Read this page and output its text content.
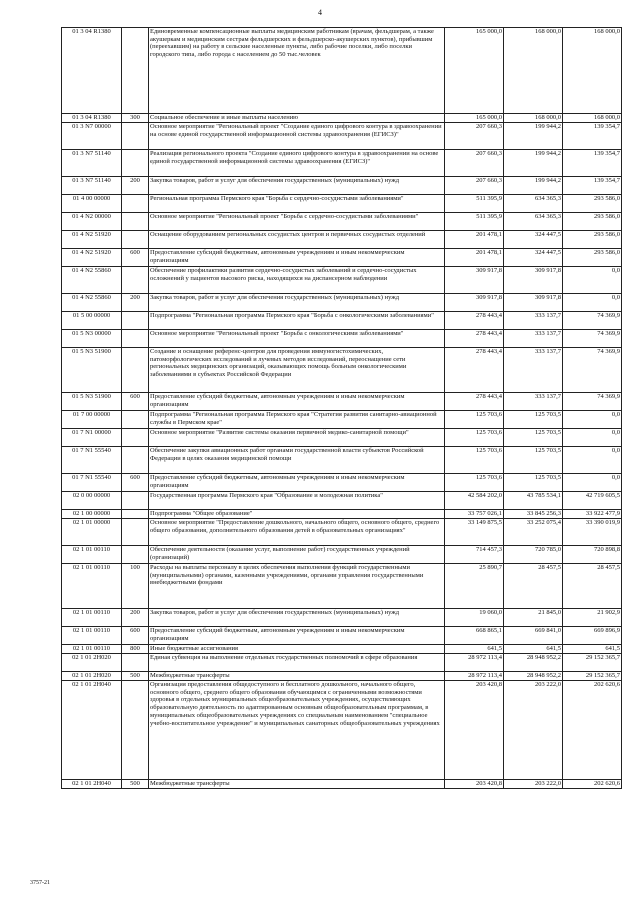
4
01 3 04 R1380		Единовременные компенсационные выплаты медицинским работникам (врачам, фельдшерам, а также акушеркам и медицинским сестрам фельдшерских и фельдшерско-акушерских пунктов), прибывшим (переехавшим) на работу в сельские населенные пункты, либо рабочие поселки, либо поселки городского типа, либо города с населением до 50 тыс.человек	165 000,0	168 000,0	168 000,0
01 3 04 R1380	300	Социальное обеспечение и иные выплаты населению	165 000,0	168 000,0	168 000,0
01 3 N7 00000		Основное мероприятие "Региональный проект "Создание единого цифрового контура в здравоохранении на основе единой государственной информационной системы здравоохранения (ЕГИСЗ)"	207 660,3	199 944,2	139 354,7
01 3 N7 51140		Реализация регионального проекта "Создание единого цифрового контура в здравоохранении на основе единой государственной информационной системы здравоохранения (ЕГИСЗ)"	207 660,3	199 944,2	139 354,7
01 3 N7 51140	200	Закупка товаров, работ и услуг для обеспечения государственных (муниципальных) нужд	207 660,3	199 944,2	139 354,7
01 4 00 00000		Региональная программа Пермского края "Борьба с сердечно-сосудистыми заболеваниями"	511 395,9	634 365,3	293 586,0
01 4 N2 00000		Основное мероприятие "Региональный проект "Борьба с сердечно-сосудистыми заболеваниями"	511 395,9	634 365,3	293 586,0
01 4 N2 51920		Оснащение оборудованием региональных сосудистых центров и первичных сосудистых отделений	201 478,1	324 447,5	293 586,0
01 4 N2 51920	600	Предоставление субсидий бюджетным, автономным учреждениям и иным некоммерческим организациям	201 478,1	324 447,5	293 586,0
01 4 N2 55860		Обеспечение профилактики развития сердечно-сосудистых заболеваний и сердечно-сосудистых осложнений у пациентов высокого риска, находящихся на диспансерном наблюдении	309 917,8	309 917,8	0,0
01 4 N2 55860	200	Закупка товаров, работ и услуг для обеспечения государственных (муниципальных) нужд	309 917,8	309 917,8	0,0
01 5 00 00000		Подпрограмма "Региональная программа Пермского края "Борьба с онкологическими заболеваниями"	278 443,4	333 137,7	74 369,9
01 5 N3 00000		Основное мероприятие "Региональный проект "Борьба с онкологическими заболеваниями"	278 443,4	333 137,7	74 369,9
01 5 N3 51900		Создание и оснащение референс-центров для проведения иммуногистохимических, патоморфологических исследований и лучевых методов исследований, переоснащение сети региональных медицинских организаций, оказывающих помощь больным онкологическими заболеваниями в субъектах Российской Федерации	278 443,4	333 137,7	74 369,9
01 5 N3 51900	600	Предоставление субсидий бюджетным, автономным учреждениям и иным некоммерческим организациям	278 443,4	333 137,7	74 369,9
01 7 00 00000		Подпрограмма "Региональная программа Пермского края "Стратегия развития санитарно-авиационной службы в Пермском крае"	125 703,6	125 703,5	0,0
01 7 N1 00000		Основное мероприятие "Развитие системы оказания первичной медико-санитарной помощи"	125 703,6	125 703,5	0,0
01 7 N1 55540		Обеспечение закупки авиационных работ органами государственной власти субъектов Российской Федерации в целях оказания медицинской помощи	125 703,6	125 703,5	0,0
01 7 N1 55540	600	Предоставление субсидий бюджетным, автономным учреждениям и иным некоммерческим организациям	125 703,6	125 703,5	0,0
02 0 00 00000		Государственная программа Пермского края "Образование и молодежная политика"	42 584 202,0	43 785 534,1	42 719 605,5
02 1 00 00000		Подпрограмма "Общее образование"	33 757 026,1	33 845 256,3	33 922 477,9
02 1 01 00000		Основное мероприятие "Предоставление дошкольного, начального общего, основного общего, среднего общего образования, дополнительного образования детей в образовательных организациях"	33 149 875,5	33 252 075,4	33 390 019,9
02 1 01 00110		Обеспечение деятельности (оказание услуг, выполнение работ) государственных учреждений (организаций)	714 457,3	720 785,0	720 898,8
02 1 01 00110	100	Расходы на выплаты персоналу в целях обеспечения выполнения функций государственными (муниципальными) органами, казенными учреждениями, органами управления государственными внебюджетными фондами	25 890,7	28 457,5	28 457,5
02 1 01 00110	200	Закупка товаров, работ и услуг для обеспечения государственных (муниципальных) нужд	19 060,0	21 845,0	21 902,9
02 1 01 00110	600	Предоставление субсидий бюджетным, автономным учреждениям и иным некоммерческим организациям	668 865,1	669 841,0	669 896,9
02 1 01 00110	800	Иные бюджетные ассигнования	641,5	641,5	641,5
02 1 01 2H020		Единая субвенция на выполнение отдельных государственных полномочий в сфере образования	28 972 113,4	28 948 952,2	29 152 365,7
02 1 01 2H020	500	Межбюджетные трансферты	28 972 113,4	28 948 952,2	29 152 365,7
02 1 01 2H040		Организация предоставления общедоступного и бесплатного дошкольного, начального общего, основного общего, среднего общего образования обучающимся с ограниченными возможностями здоровья в отдельных муниципальных общеобразовательных учреждениях, осуществляющих образовательную деятельность по адаптированным основным общеобразовательным программам, в муниципальных общеобразовательных учреждениях со специальным наименованием "специальное учебно-воспитательное учреждение" и муниципальных санаторных общеобразовательных учреждениях	203 420,8	203 222,0	202 620,6
02 1 01 2H040	500	Межбюджетные трансферты	203 420,8	203 222,0	202 620,6
3757-21
